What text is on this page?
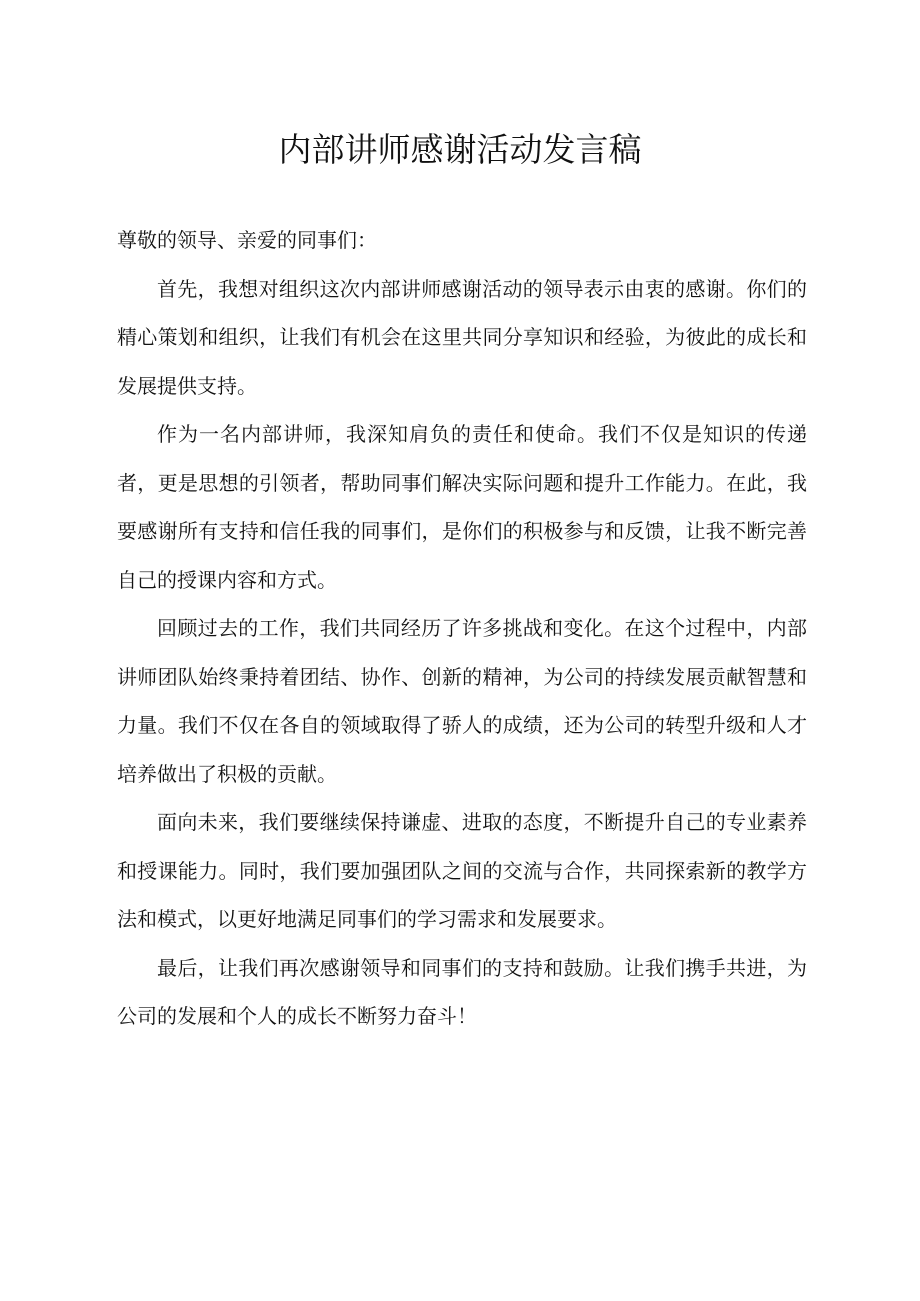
内部讲师感谢活动发言稿

尊敬的领导、亲爱的同事们：

首先，我想对组织这次内部讲师感谢活动的领导表示由衷的感谢。你们的精心策划和组织，让我们有机会在这里共同分享知识和经验，为彼此的成长和发展提供支持。

作为一名内部讲师，我深知肩负的责任和使命。我们不仅是知识的传递者，更是思想的引领者，帮助同事们解决实际问题和提升工作能力。在此，我要感谢所有支持和信任我的同事们，是你们的积极参与和反馈，让我不断完善自己的授课内容和方式。

回顾过去的工作，我们共同经历了许多挑战和变化。在这个过程中，内部讲师团队始终秉持着团结、协作、创新的精神，为公司的持续发展贡献智慧和力量。我们不仅在各自的领域取得了骄人的成绩，还为公司的转型升级和人才培养做出了积极的贡献。

面向未来，我们要继续保持谦虚、进取的态度，不断提升自己的专业素养和授课能力。同时，我们要加强团队之间的交流与合作，共同探索新的教学方法和模式，以更好地满足同事们的学习需求和发展要求。

最后，让我们再次感谢领导和同事们的支持和鼓励。让我们携手共进，为公司的发展和个人的成长不断努力奋斗！
